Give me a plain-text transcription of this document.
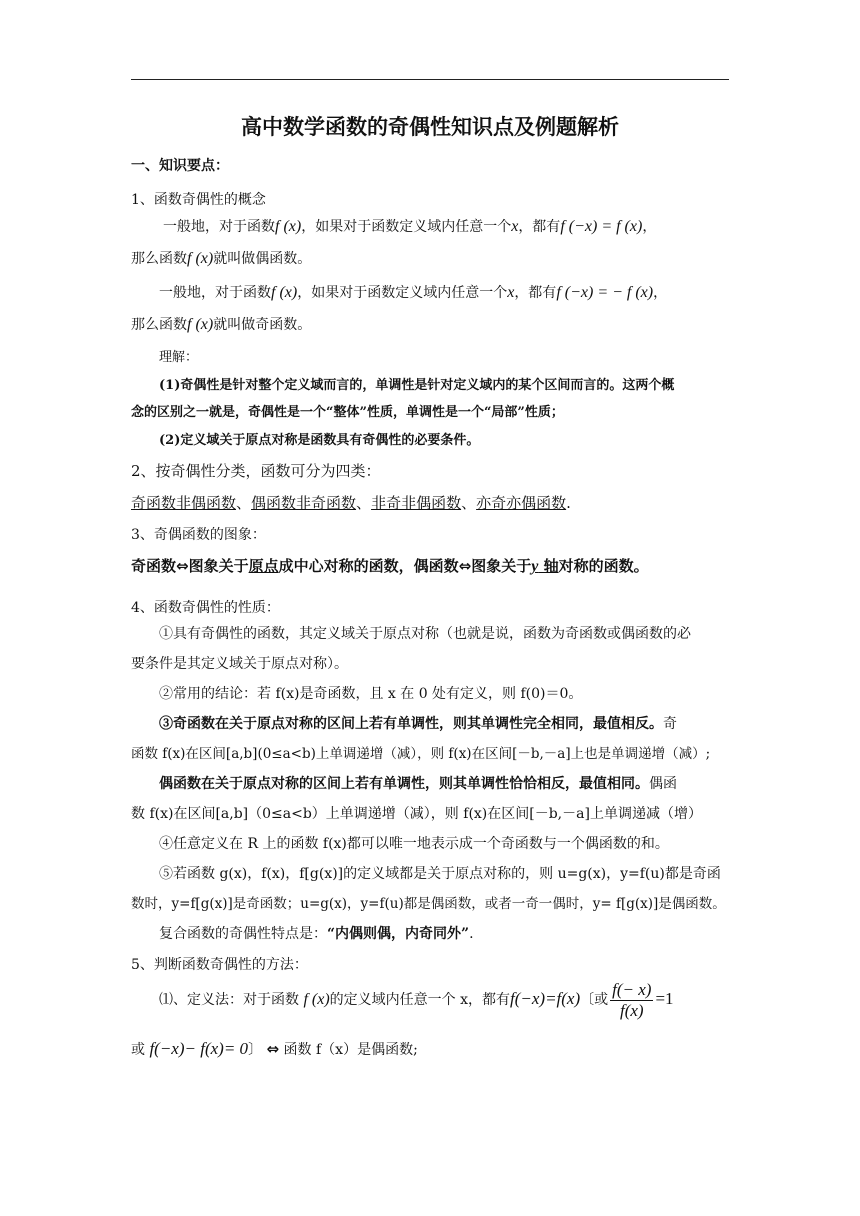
高中数学函数的奇偶性知识点及例题解析
一、知识要点：
1、函数奇偶性的概念
一般地，对于函数f (x)，如果对于函数定义域内任意一个x，都有f (−x) = f (x)，
那么函数f (x)就叫做偶函数。
一般地，对于函数f (x)，如果对于函数定义域内任意一个x，都有f (−x) = − f (x)，
那么函数f (x)就叫做奇函数。
理解：
(1)奇偶性是针对整个定义域而言的，单调性是针对定义域内的某个区间而言的。这两个概
念的区别之一就是，奇偶性是一个“整体”性质，单调性是一个“局部”性质；
(2)定义域关于原点对称是函数具有奇偶性的必要条件。
2、按奇偶性分类，函数可分为四类：
奇函数非偶函数、偶函数非奇函数、非奇非偶函数、亦奇亦偶函数.
3、奇偶函数的图象：
奇函数⇔图象关于原点成中心对称的函数，偶函数⇔图象关于y 轴对称的函数。
4、函数奇偶性的性质：
①具有奇偶性的函数，其定义域关于原点对称（也就是说，函数为奇函数或偶函数的必
要条件是其定义域关于原点对称）。
②常用的结论：若 f(x)是奇函数，且 x 在 0 处有定义，则 f(0)＝0。
③奇函数在关于原点对称的区间上若有单调性，则其单调性完全相同，最值相反。奇
函数 f(x)在区间[a,b](0≤a<b)上单调递增（减），则 f(x)在区间[－b,－a]上也是单调递增（减）;
偶函数在关于原点对称的区间上若有单调性，则其单调性恰恰相反，最值相同。偶函
数 f(x)在区间[a,b]（0≤a<b）上单调递增（减），则 f(x)在区间[－b,－a]上单调递减（增）
④任意定义在 R 上的函数 f(x)都可以唯一地表示成一个奇函数与一个偶函数的和。
⑤若函数 g(x)，f(x)，f[g(x)]的定义域都是关于原点对称的，则 u=g(x)，y=f(u)都是奇函
数时，y=f[g(x)]是奇函数；u=g(x)，y=f(u)都是偶函数，或者一奇一偶时，y= f[g(x)]是偶函数。
复合函数的奇偶性特点是：“内偶则偶，内奇同外”.
5、判断函数奇偶性的方法：
⑴、定义法：对于函数 f (x)的定义域内任意一个 x，都有f(−x)=f(x)〔或 $\frac{f(- x)}{f(x)} =1$
或 f(−x)− f(x)= 0〕 ⇔ 函数 f（x）是偶函数;
